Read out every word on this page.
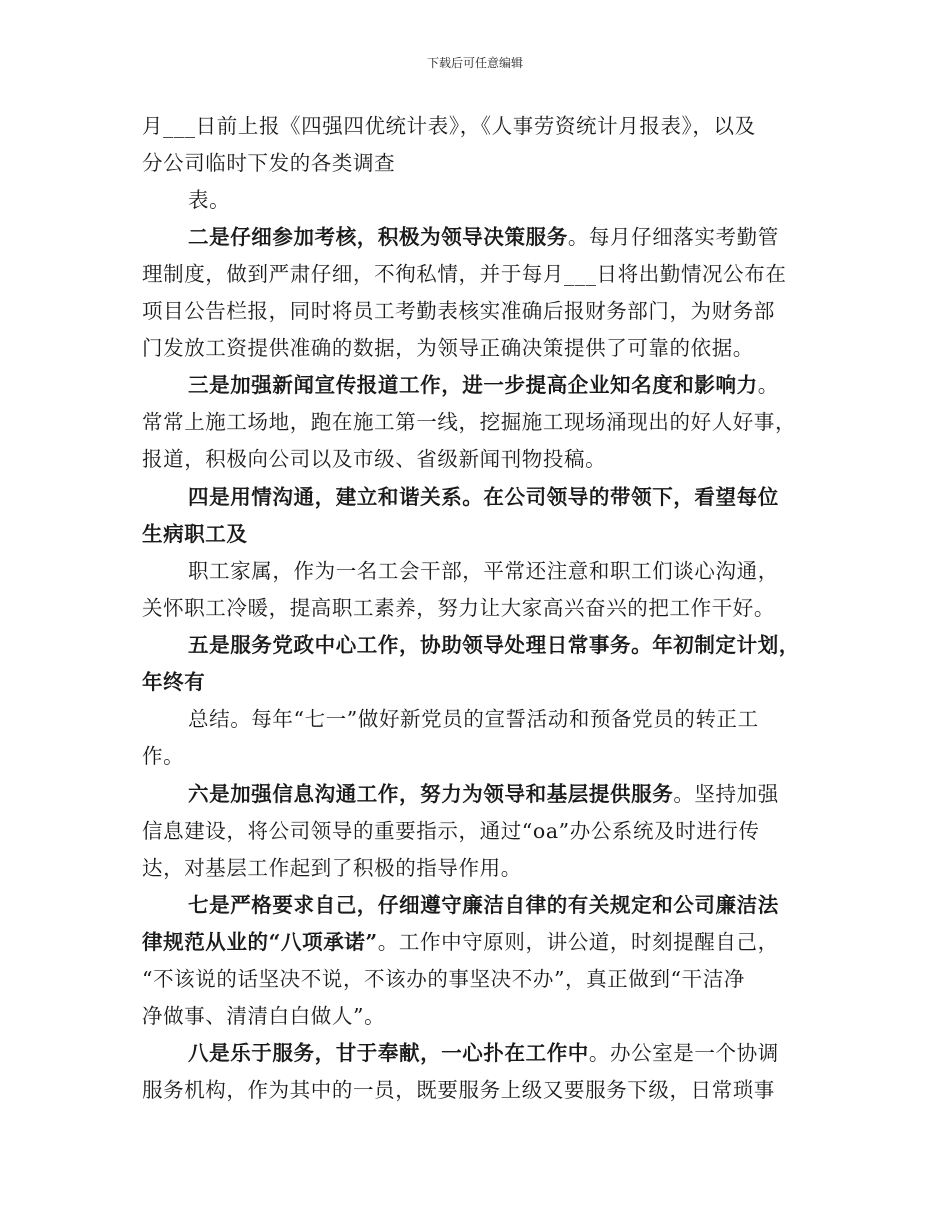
下载后可任意编辑
月___日前上报《四强四优统计表》，《人事劳资统计月报表》，以及
分公司临时下发的各类调查
表。
二是仔细参加考核，积极为领导决策服务。每月仔细落实考勤管
理制度，做到严肃仔细，不徇私情，并于每月___日将出勤情况公布在
项目公告栏报，同时将员工考勤表核实准确后报财务部门，为财务部
门发放工资提供准确的数据，为领导正确决策提供了可靠的依据。
三是加强新闻宣传报道工作，进一步提高企业知名度和影响力。
常常上施工场地，跑在施工第一线，挖掘施工现场涌现出的好人好事，
报道，积极向公司以及市级、省级新闻刊物投稿。
四是用情沟通，建立和谐关系。在公司领导的带领下，看望每位
生病职工及
职工家属，作为一名工会干部，平常还注意和职工们谈心沟通，
关怀职工冷暖，提高职工素养，努力让大家高兴奋兴的把工作干好。
五是服务党政中心工作，协助领导处理日常事务。年初制定计划，
年终有
总结。每年“七一”做好新党员的宣誓活动和预备党员的转正工
作。
六是加强信息沟通工作，努力为领导和基层提供服务。坚持加强
信息建设，将公司领导的重要指示，通过“oa”办公系统及时进行传
达，对基层工作起到了积极的指导作用。
七是严格要求自己，仔细遵守廉洁自律的有关规定和公司廉洁法
律规范从业的“八项承诺”。工作中守原则，讲公道，时刻提醒自己，
“不该说的话坚决不说，不该办的事坚决不办”，真正做到“干洁净
净做事、清清白白做人”。
八是乐于服务，甘于奉献，一心扑在工作中。办公室是一个协调
服务机构，作为其中的一员，既要服务上级又要服务下级，日常琐事
